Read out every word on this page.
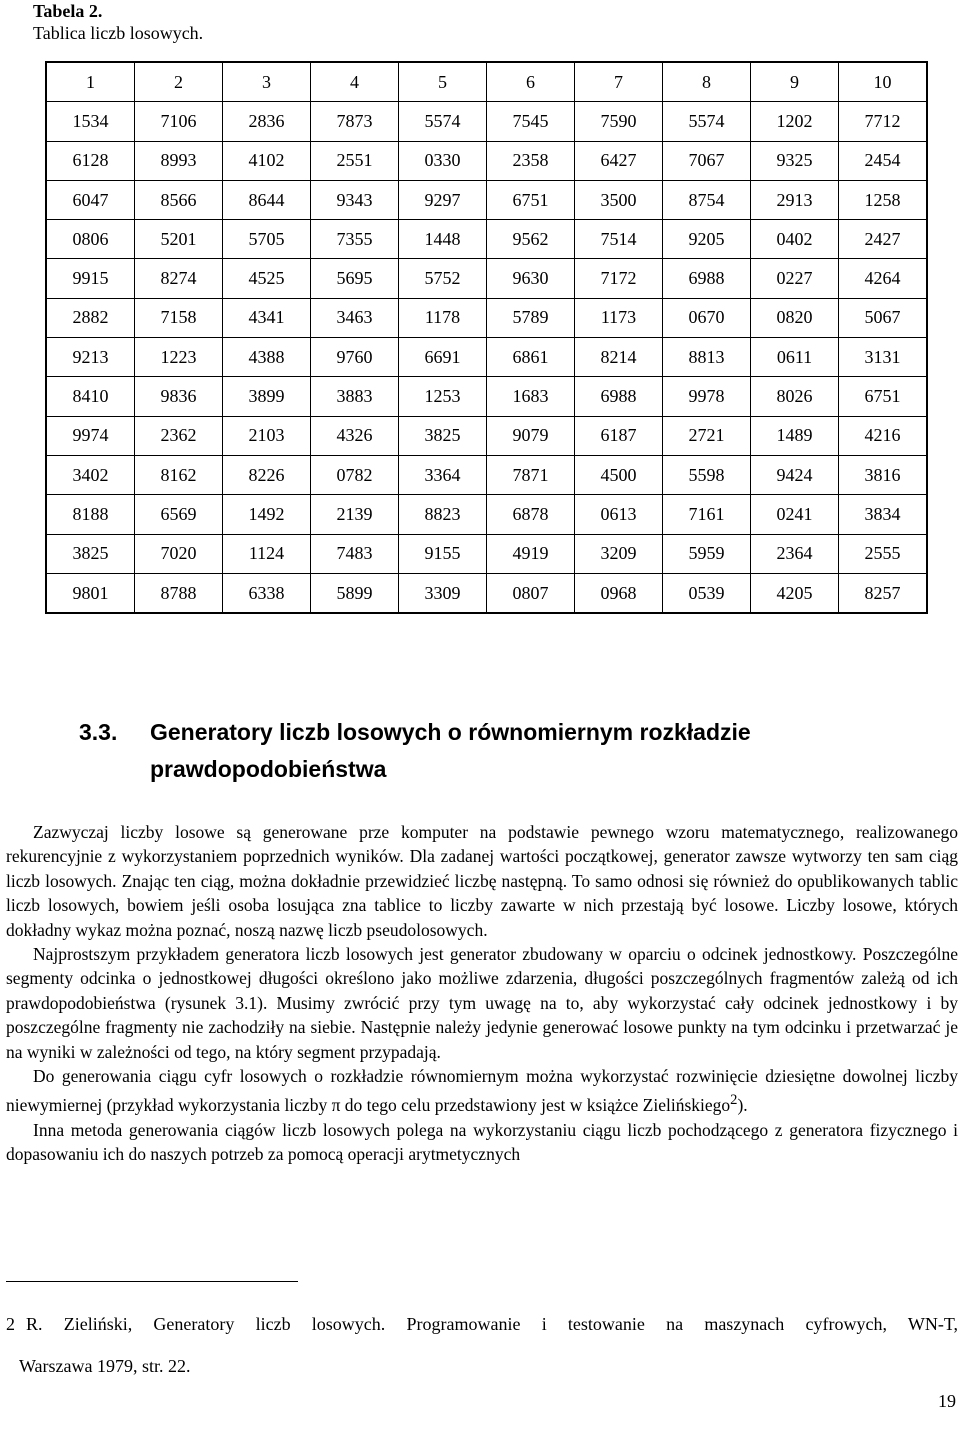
Tabela 2.
Tablica liczb losowych.
1	2	3	4	5	6	7	8	9	10
1534	7106	2836	7873	5574	7545	7590	5574	1202	7712
6128	8993	4102	2551	0330	2358	6427	7067	9325	2454
6047	8566	8644	9343	9297	6751	3500	8754	2913	1258
0806	5201	5705	7355	1448	9562	7514	9205	0402	2427
9915	8274	4525	5695	5752	9630	7172	6988	0227	4264
2882	7158	4341	3463	1178	5789	1173	0670	0820	5067
9213	1223	4388	9760	6691	6861	8214	8813	0611	3131
8410	9836	3899	3883	1253	1683	6988	9978	8026	6751
9974	2362	2103	4326	3825	9079	6187	2721	1489	4216
3402	8162	8226	0782	3364	7871	4500	5598	9424	3816
8188	6569	1492	2139	8823	6878	0613	7161	0241	3834
3825	7020	1124	7483	9155	4919	3209	5959	2364	2555
9801	8788	6338	5899	3309	0807	0968	0539	4205	8257
3.3. Generatory liczb losowych o równomiernym rozkładzie
prawdopodobieństwa

Zazwyczaj liczby losowe są generowane prze komputer na podstawie pewnego wzoru matematycznego, realizowanego rekurencyjnie z wykorzystaniem poprzednich wyników. Dla zadanej wartości początkowej, generator zawsze wytworzy ten sam ciąg liczb losowych. Znając ten ciąg, można dokładnie przewidzieć liczbę następną. To samo odnosi się również do opublikowanych tablic liczb losowych, bowiem jeśli osoba losująca zna tablice to liczby zawarte w nich przestają być losowe. Liczby losowe, których dokładny wykaz można poznać, noszą nazwę liczb pseudolosowych.

Najprostszym przykładem generatora liczb losowych jest generator zbudowany w oparciu o odcinek jednostkowy. Poszczególne segmenty odcinka o jednostkowej długości określono jako możliwe zdarzenia, długości poszczególnych fragmentów zależą od ich prawdopodobieństwa (rysunek 3.1). Musimy zwrócić przy tym uwagę na to, aby wykorzystać cały odcinek jednostkowy i by poszczególne fragmenty nie zachodziły na siebie. Następnie należy jedynie generować losowe punkty na tym odcinku i przetwarzać je na wyniki w zależności od tego, na który segment przypadają.

Do generowania ciągu cyfr losowych o rozkładzie równomiernym można wykorzystać rozwinięcie dziesiętne dowolnej liczby niewymiernej (przykład wykorzystania liczby π do tego celu przedstawiony jest w książce Zielińskiego$^2$).

Inna metoda generowania ciągów liczb losowych polega na wykorzystaniu ciągu liczb pochodzącego z generatora fizycznego i dopasowaniu ich do naszych potrzeb za pomocą operacji arytmetycznych

2 R. Zieliński, Generatory liczb losowych. Programowanie i testowanie na maszynach cyfrowych, WN-T,
Warszawa 1979, str. 22.
19
